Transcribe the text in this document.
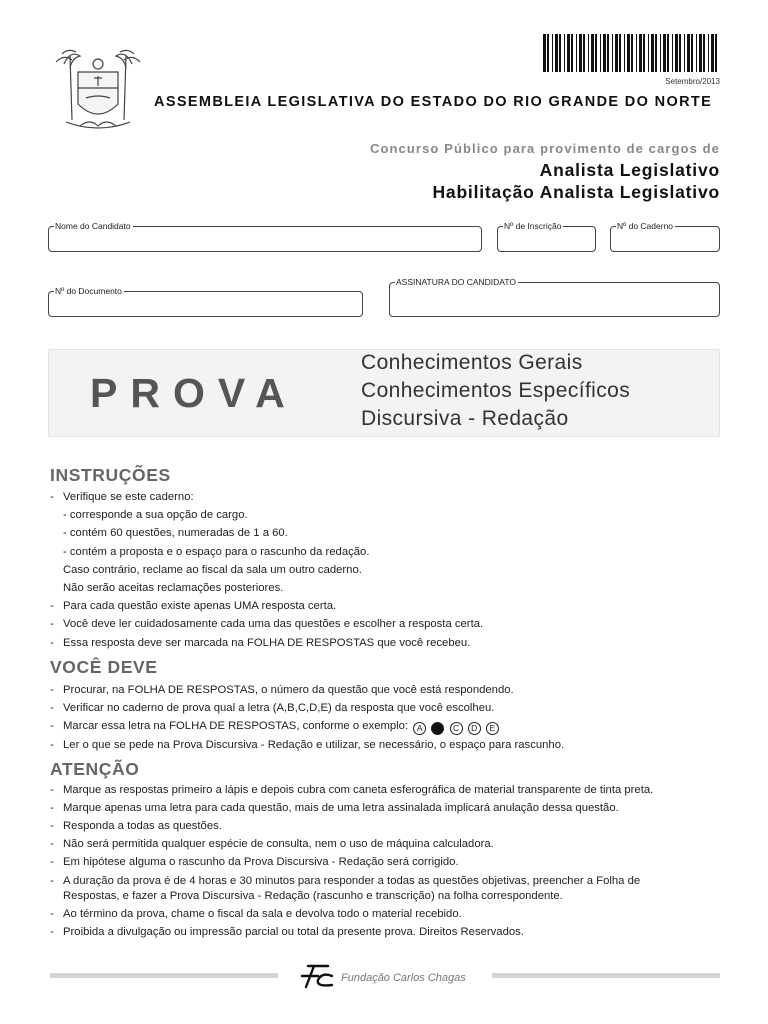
Setembro/2013
ASSEMBLEIA LEGISLATIVA DO ESTADO DO RIO GRANDE DO NORTE
Concurso Público para provimento de cargos de
Analista Legislativo
Habilitação Analista Legislativo
Nome do Candidato	Nº de Inscrição	Nº do Caderno
Nº do Documento
ASSINATURA DO CANDIDATO
PROVA
Conhecimentos Gerais
Conhecimentos Específicos
Discursiva - Redação
INSTRUÇÕES
- Verifique se este caderno:
- corresponde a sua opção de cargo.
- contém 60 questões, numeradas de 1 a 60.
- contém a proposta e o espaço para o rascunho da redação.
Caso contrário, reclame ao fiscal da sala um outro caderno.
Não serão aceitas reclamações posteriores.
- Para cada questão existe apenas UMA resposta certa.
- Você deve ler cuidadosamente cada uma das questões e escolher a resposta certa.
- Essa resposta deve ser marcada na FOLHA DE RESPOSTAS que você recebeu.
VOCÊ DEVE
- Procurar, na FOLHA DE RESPOSTAS, o número da questão que você está respondendo.
- Verificar no caderno de prova qual a letra (A,B,C,D,E) da resposta que você escolheu.
- Marcar essa letra na FOLHA DE RESPOSTAS, conforme o exemplo: A B C D E
- Ler o que se pede na Prova Discursiva - Redação e utilizar, se necessário, o espaço para rascunho.
ATENÇÃO
- Marque as respostas primeiro a lápis e depois cubra com caneta esferográfica de material transparente de tinta preta.
- Marque apenas uma letra para cada questão, mais de uma letra assinalada implicará anulação dessa questão.
- Responda a todas as questões.
- Não será permitida qualquer espécie de consulta, nem o uso de máquina calculadora.
- Em hipótese alguma o rascunho da Prova Discursiva - Redação será corrigido.
- A duração da prova é de 4 horas e 30 minutos para responder a todas as questões objetivas, preencher a Folha de
Respostas, e fazer a Prova Discursiva - Redação (rascunho e transcrição) na folha correspondente.
- Ao término da prova, chame o fiscal da sala e devolva todo o material recebido.
- Proibida a divulgação ou impressão parcial ou total da presente prova. Direitos Reservados.
Fundação Carlos Chagas
